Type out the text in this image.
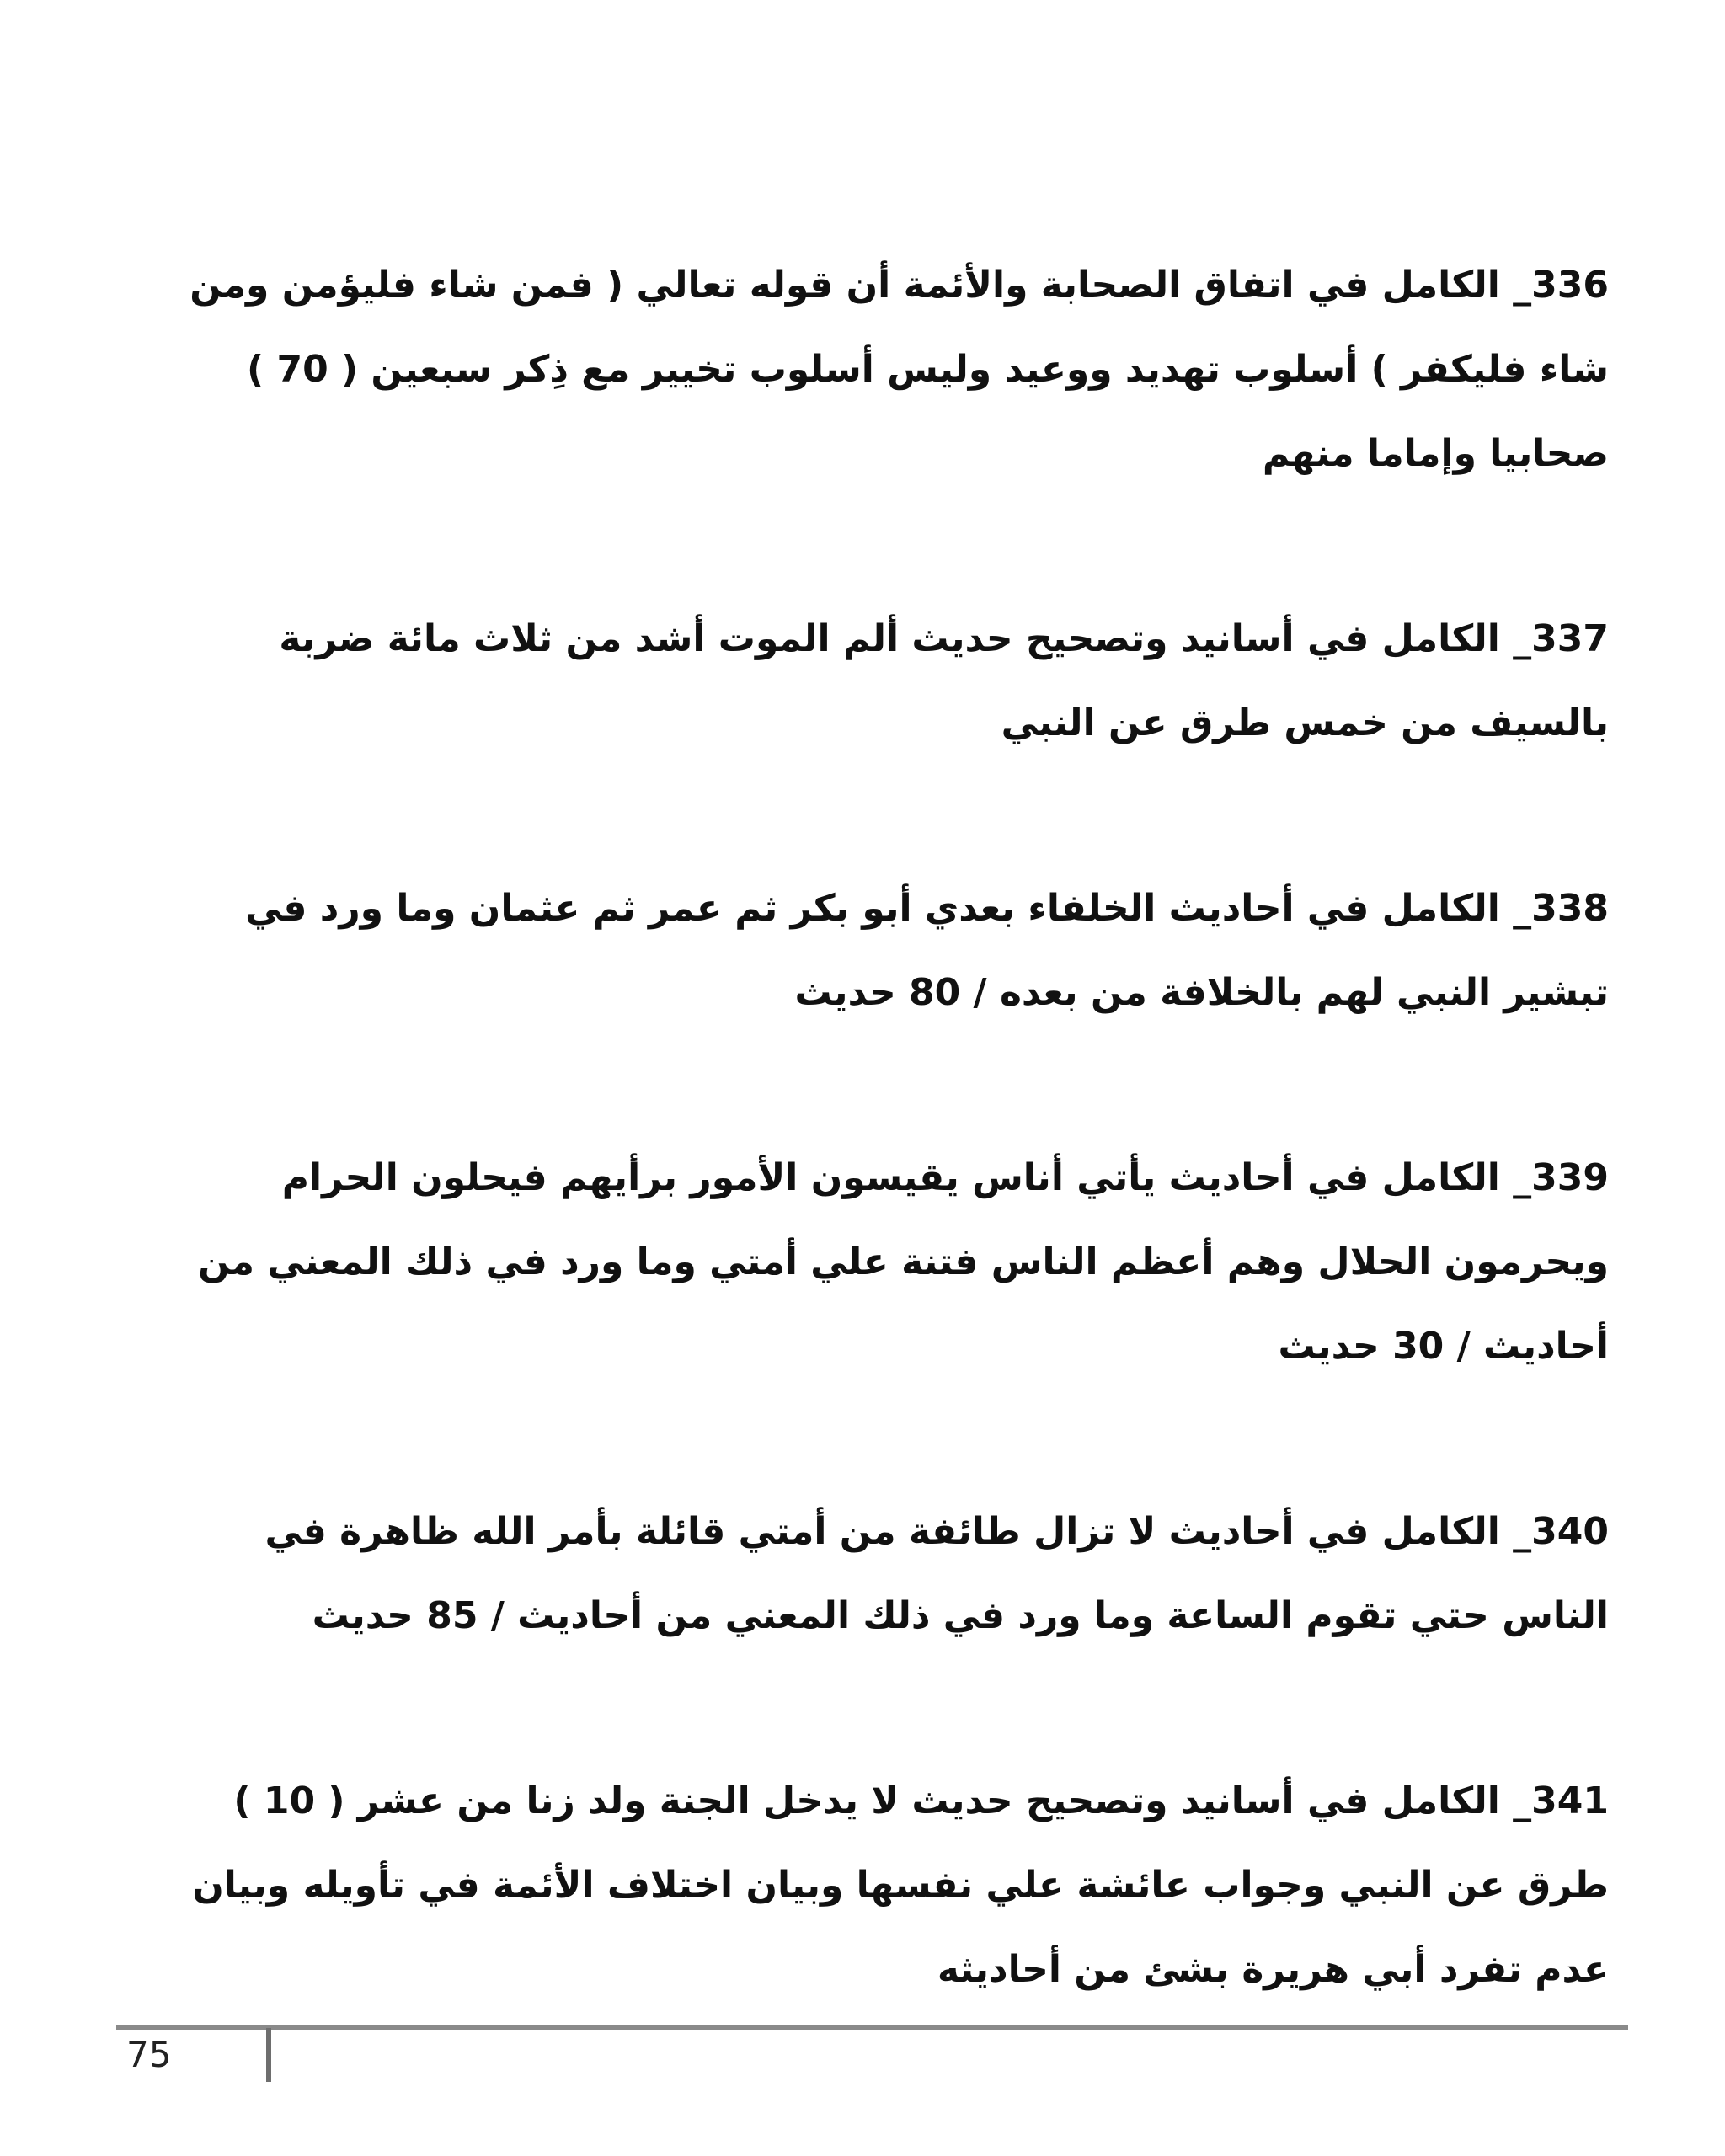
336_ الكامل في اتفاق الصحابة والأئمة أن قوله تعالي ( فمن شاء فليؤمن ومن شاء فليكفر ) أسلوب تهديد ووعيد وليس أسلوب تخيير مع ذِكر سبعين ( 70 ) صحابيا وإماما منهم

337_ الكامل في أسانيد وتصحيح حديث ألم الموت أشد من ثلاث مائة ضربة بالسيف من خمس طرق عن النبي

338_ الكامل في أحاديث الخلفاء بعدي أبو بكر ثم عمر ثم عثمان وما ورد في تبشير النبي لهم بالخلافة من بعده / 80 حديث

339_ الكامل في أحاديث يأتي أناس يقيسون الأمور برأيهم فيحلون الحرام ويحرمون الحلال وهم أعظم الناس فتنة علي أمتي وما ورد في ذلك المعني من أحاديث / 30 حديث

340_ الكامل في أحاديث لا تزال طائفة من أمتي قائلة بأمر الله ظاهرة في الناس حتي تقوم الساعة وما ورد في ذلك المعني من أحاديث / 85 حديث

341_ الكامل في أسانيد وتصحيح حديث لا يدخل الجنة ولد زنا من عشر ( 10 ) طرق عن النبي وجواب عائشة علي نفسها وبيان اختلاف الأئمة في تأويله وبيان عدم تفرد أبي هريرة بشئ من أحاديثه

75
